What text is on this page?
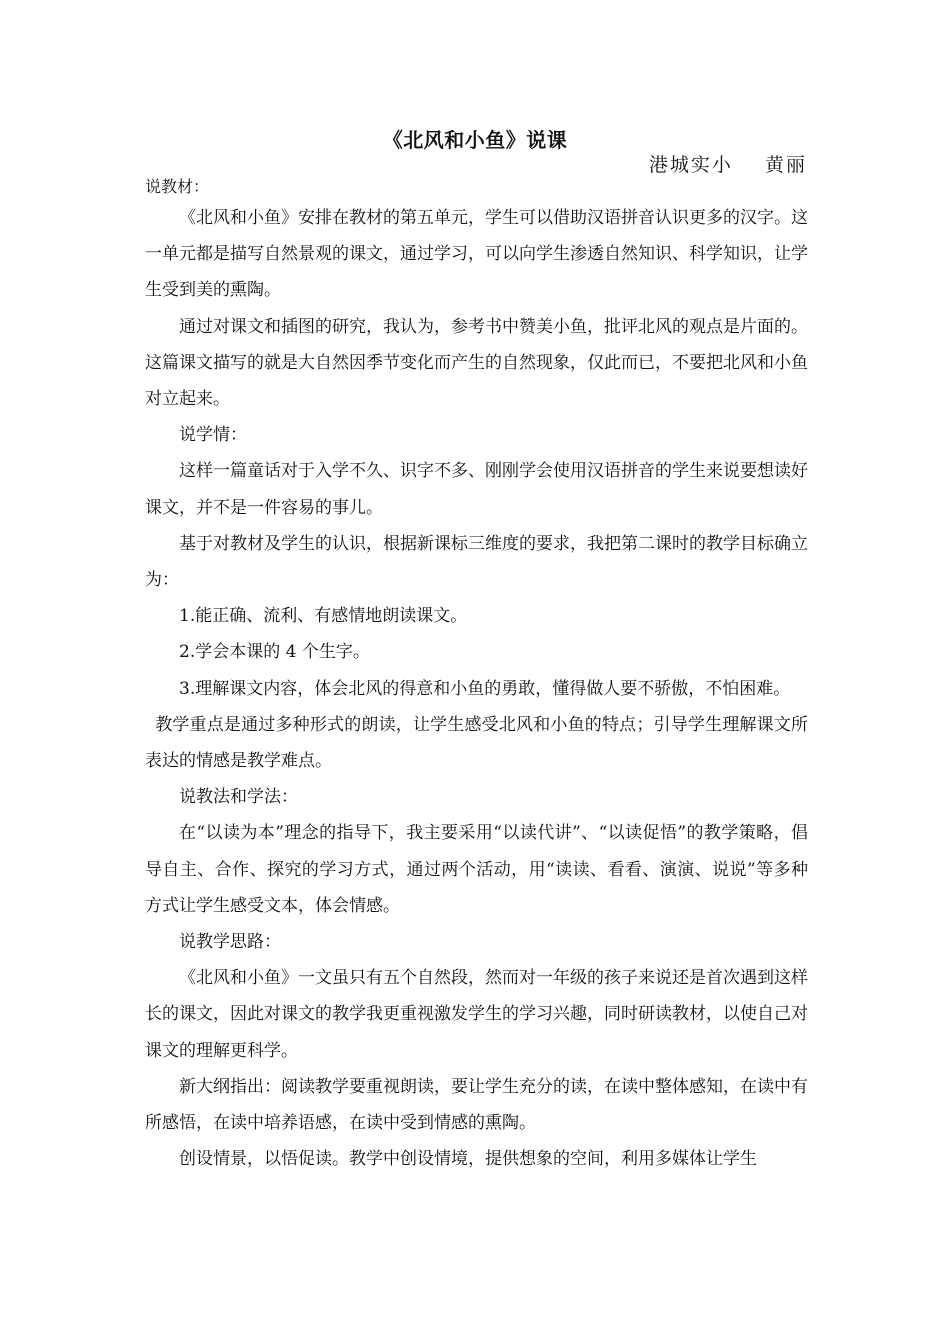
《北风和小鱼》说课
港城实小    黄丽

说教材：

《北风和小鱼》安排在教材的第五单元，学生可以借助汉语拼音认识更多的汉字。这一单元都是描写自然景观的课文，通过学习，可以向学生渗透自然知识、科学知识，让学生受到美的熏陶。

通过对课文和插图的研究，我认为，参考书中赞美小鱼，批评北风的观点是片面的。这篇课文描写的就是大自然因季节变化而产生的自然现象，仅此而已，不要把北风和小鱼对立起来。

说学情：

这样一篇童话对于入学不久、识字不多、刚刚学会使用汉语拼音的学生来说要想读好课文，并不是一件容易的事儿。

基于对教材及学生的认识，根据新课标三维度的要求，我把第二课时的教学目标确立为：

1.能正确、流利、有感情地朗读课文。

2.学会本课的 4 个生字。

3.理解课文内容，体会北风的得意和小鱼的勇敢，懂得做人要不骄傲，不怕困难。

教学重点是通过多种形式的朗读，让学生感受北风和小鱼的特点；引导学生理解课文所表达的情感是教学难点。

说教法和学法：

在“以读为本”理念的指导下，我主要采用“以读代讲”、“以读促悟”的教学策略，倡导自主、合作、探究的学习方式，通过两个活动，用“读读、看看、演演、说说”等多种方式让学生感受文本，体会情感。

说教学思路：

《北风和小鱼》一文虽只有五个自然段，然而对一年级的孩子来说还是首次遇到这样长的课文，因此对课文的教学我更重视激发学生的学习兴趣，同时研读教材，以使自己对课文的理解更科学。

新大纲指出：阅读教学要重视朗读，要让学生充分的读，在读中整体感知，在读中有所感悟，在读中培养语感，在读中受到情感的熏陶。

创设情景，以悟促读。教学中创设情境，提供想象的空间，利用多媒体让学生
